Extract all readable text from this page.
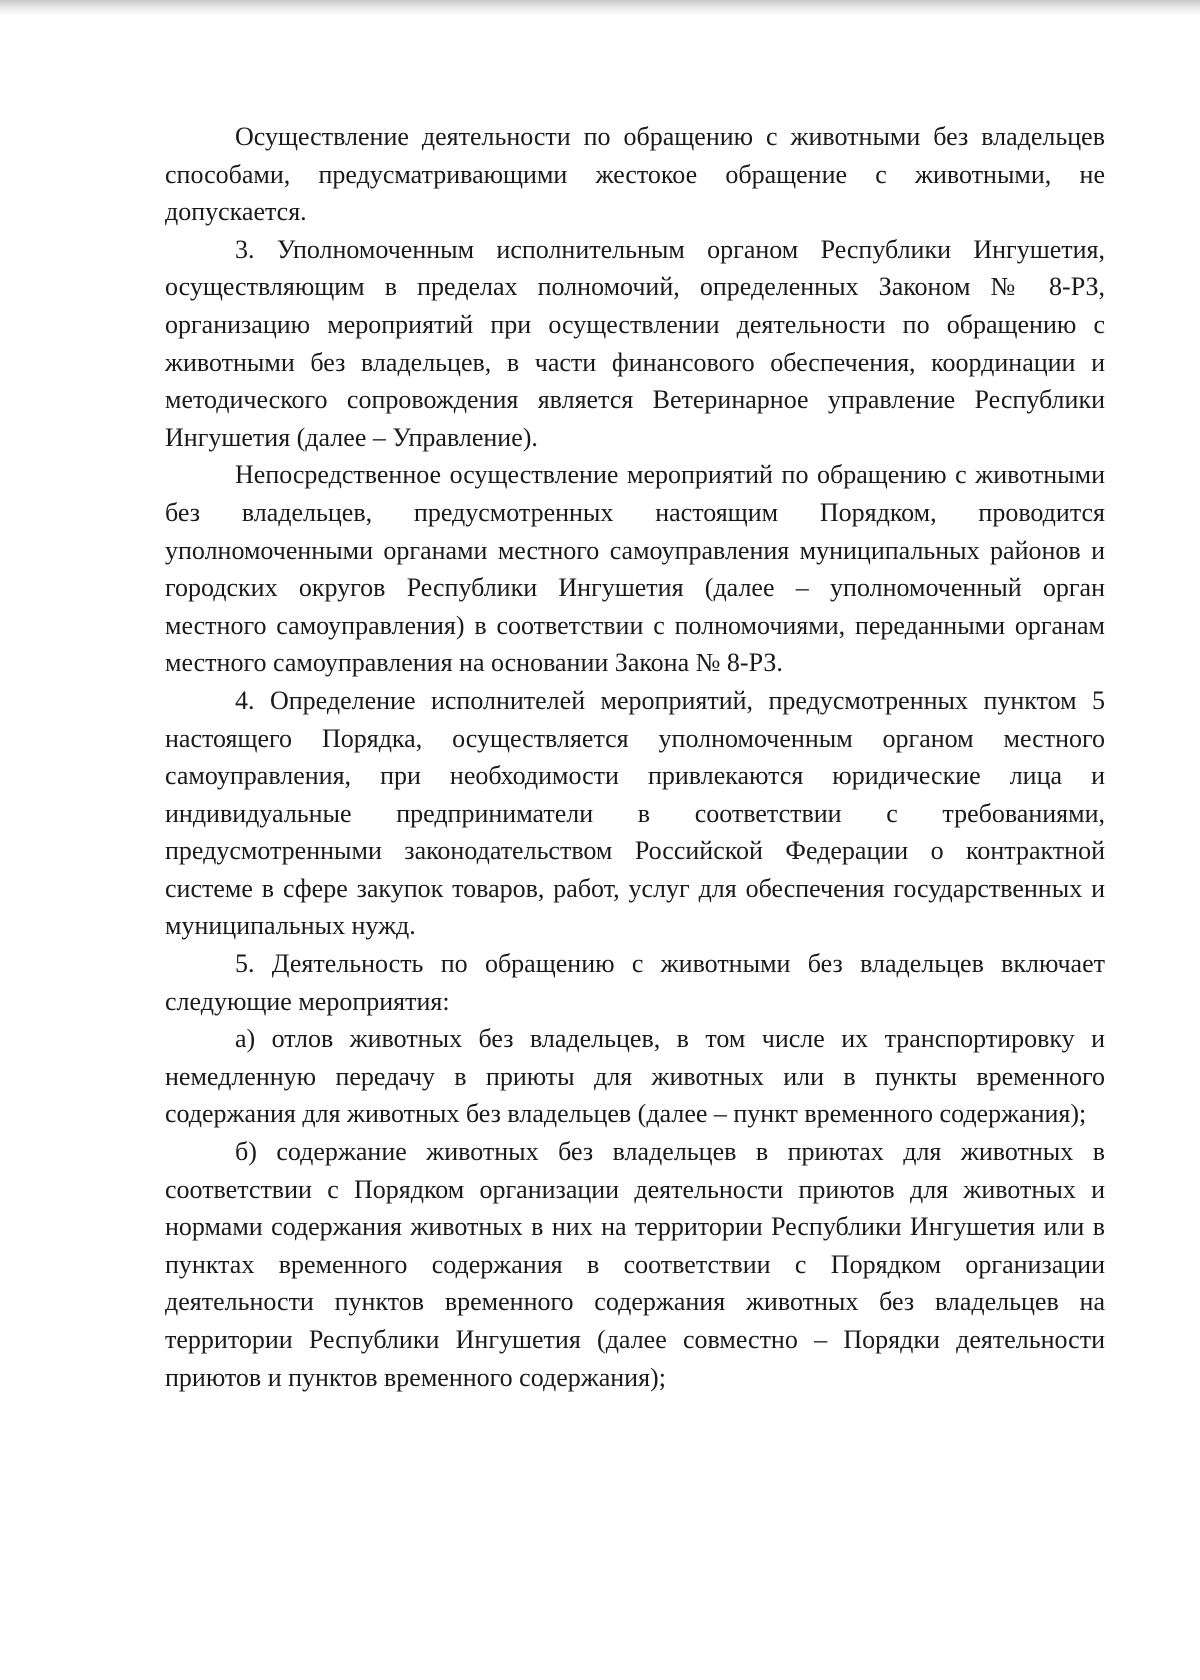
Осуществление деятельности по обращению с животными без владельцев способами, предусматривающими жестокое обращение с животными, не допускается.

3. Уполномоченным исполнительным органом Республики Ингушетия, осуществляющим в пределах полномочий, определенных Законом № 8-РЗ, организацию мероприятий при осуществлении деятельности по обращению с животными без владельцев, в части финансового обеспечения, координации и методического сопровождения является Ветеринарное управление Республики Ингушетия (далее – Управление).

Непосредственное осуществление мероприятий по обращению с животными без владельцев, предусмотренных настоящим Порядком, проводится уполномоченными органами местного самоуправления муниципальных районов и городских округов Республики Ингушетия (далее – уполномоченный орган местного самоуправления) в соответствии с полномочиями, переданными органам местного самоуправления на основании Закона № 8-РЗ.

4. Определение исполнителей мероприятий, предусмотренных пунктом 5 настоящего Порядка, осуществляется уполномоченным органом местного самоуправления, при необходимости привлекаются юридические лица и индивидуальные предприниматели в соответствии с требованиями, предусмотренными законодательством Российской Федерации о контрактной системе в сфере закупок товаров, работ, услуг для обеспечения государственных и муниципальных нужд.

5. Деятельность по обращению с животными без владельцев включает следующие мероприятия:

а) отлов животных без владельцев, в том числе их транспортировку и немедленную передачу в приюты для животных или в пункты временного содержания для животных без владельцев (далее – пункт временного содержания);

б) содержание животных без владельцев в приютах для животных в соответствии с Порядком организации деятельности приютов для животных и нормами содержания животных в них на территории Республики Ингушетия или в пунктах временного содержания в соответствии с Порядком организации деятельности пунктов временного содержания животных без владельцев на территории Республики Ингушетия (далее совместно – Порядки деятельности приютов и пунктов временного содержания);
